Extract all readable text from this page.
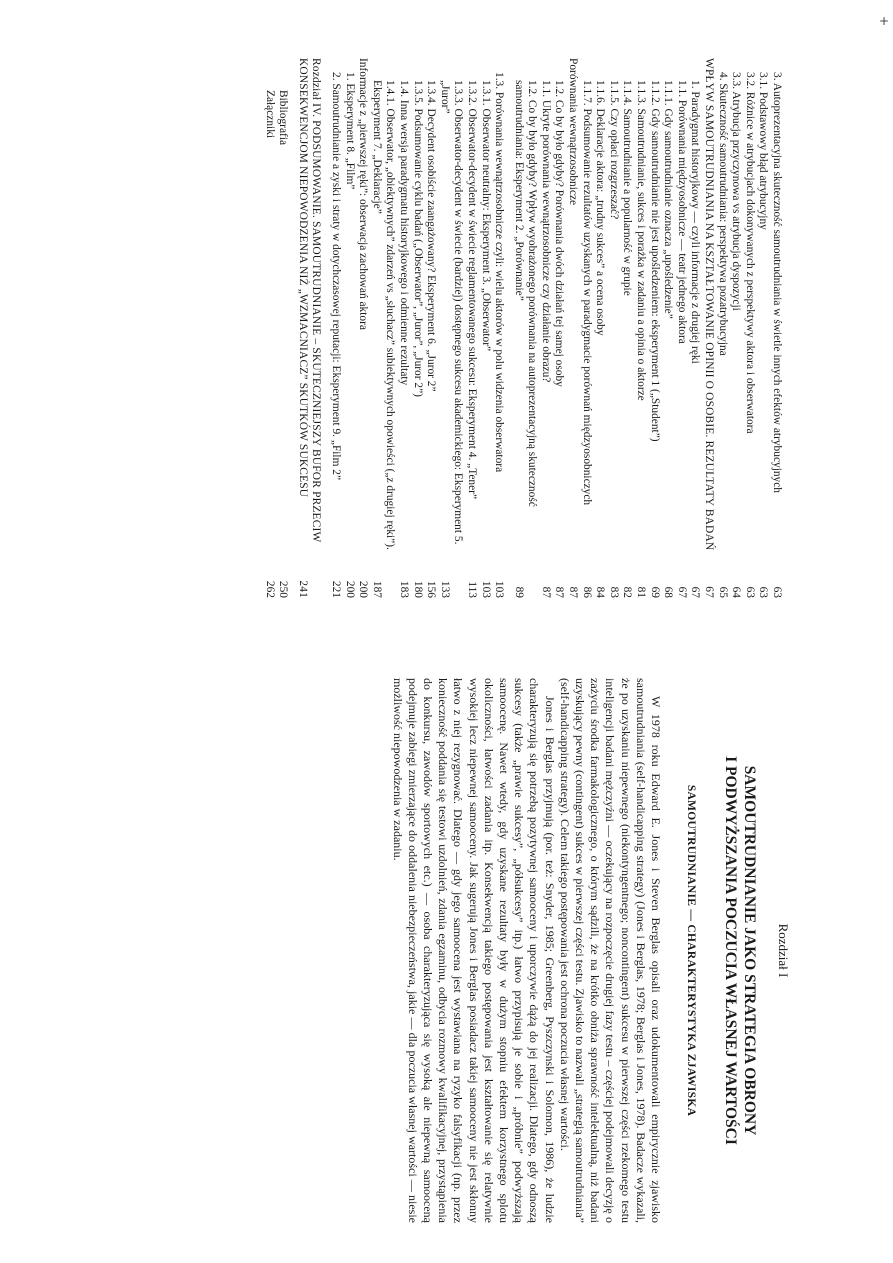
3. Autoprezentacyjna skuteczność samoutrudniania w świetle innych efektów atrybucyjnych
63
3.1. Podstawowy błąd atrybucyjny
63
3.2. Różnice w atrybucjach dokonywanych z perspektywy aktora i obserwatora
63
3.3. Atrybucja przyczynowa vs atrybucja dyspozycji
64
4. Skuteczność samoutrudniania: perspektywa pozatrybucyjna
65
WPŁYW SAMOUTRUDNIANIA NA KSZTAŁTOWANIE OPINII O OSOBIE. REZULTATY BADAŃ
67
1. Paradygmat historyjkowy — czyli informacje z drugiej ręki
67
1.1. Porównania międzyosobnicze — teatr jednego aktora
67
1.1.1. Gdy samoutrudnianie oznacza „upośledzenie”
68
1.1.2. Gdy samoutrudnianie nie jest upośledzeniem: eksperyment 1 („Student”)
69
1.1.3. Samoutrudnianie, sukces i porażka w zadaniu a opinia o aktorze
81
1.1.4. Samoutrudnianie a popularność w grupie
82
1.1.5. Czy opłaci rozgrzeszać?
83
1.1.6. Deklaracje aktora: „trudny sukces” a ocena osoby
84
1.1.7. Podsumowanie rezultatów uzyskanych w paradygmacie porównań międzyosobniczych
86
Porównania wewnątrzosobnicze
87
1.2. Co by było gdyby? Porównania dwóch działań tej samej osoby
87
1.1. Ukryte porównania wewnątrzosobnicze czy działanie obrazu?
87
1.2. Co by było gdyby? Wpływ wyobrażonego porównania na autoprezentacyjną skuteczność samoutrudniania: Eksperyment 2. „Porównanie”
89
1.3. Porównania wewnątrzosobnicze czyli: wielu aktorów w polu widzenia obserwatora
103
1.3.1. Obserwator neutralny: Eksperyment 3. „Obserwator”
103
1.3.2. Obserwator-decydent w świecie reglamentowanego sukcesu: Eksperyment 4. „Tener”
113
1.3.3. Obserwator-decydent w świecie (bardziej) dostępnego sukcesu akademickiego: Eksperyment 5. „Juror”
133
1.3.4. Decydent osobiście zaangażowany? Eksperyment 6. „Juror 2”
156
1.3.5. Podsumowanie cyklu badań („Obserwator”, „Juror”, „Juror 2”)
180
1.4. Inna wersja paradygmatu historyjkowego i odmienne rezultaty
183
1.4.1. Obserwator, „obiektywnych” zdarzeń vs „słuchacz” subiektywnych opowieści („z drugiej ręki”). Eksperyment 7. „Deklaracje”
187
Informacje z „pierwszej ręki”: obserwacja zachowań aktora
200
1. Eksperyment 8. „Film”
200
2. Samoutrudnianie a zyski i straty w dotychczasowej reputacji: Eksperyment 9. „Film 2”
221
Rozdział IV. PODSUMOWANIE. SAMOUTRUDNIANIE – SKUTECZNIEJSZY BUFOR PRZECIW KONSEKWENCJOM NIEPOWODZENIA NIŻ „WZMACNIACZ” SKUTKÓW SUKCESU
241
Bibliografia
250
Załączniki
262
Rozdział I
SAMOUTRUDNIANIE JAKO STRATEGIA OBRONY
I PODWYŻSZANIA POCZUCIA WŁASNEJ WARTOŚCI
SAMOUTRUDNIANIE — CHARAKTERYSTYKA ZJAWISKA

W 1978 roku Edward E. Jones i Steven Berglas opisali oraz udokumentowali empirycznie zjawisko samoutrudniania (self-handicapping strategy) (Jones i Berglas, 1978; Berglas i Jones, 1978). Badacze wykazali, że po uzyskaniu niepewnego (niekontyngentnego; noncontingent) sukcesu w pierwszej części rzekomego testu inteligencji badani mężczyźni — oczekujący na rozpoczęcie drugiej fazy testu – częściej podejmowali decyzję o zażyciu środka farmakologicznego, o którym sądzili, że na krótko obniża sprawność intelektualną, niż badani uzyskujący pewny (contingent) sukces w pierwszej części testu. Zjawisko to nazwali „strategią samoutrudniania” (self-handicapping strategy). Celem takiego postępowania jest ochrona poczucia własnej wartości.

Jones i Berglas przyjmują (por. też: Snyder, 1985; Greenberg, Pyszczynski i Solomon, 1986), że ludzie charakteryzują się potrzebą pozytywnej samooceny i uporczywie dążą do jej realizacji. Dlatego, gdy odnoszą sukcesy (także „prawie sukcesy”, „półsukcesy” itp.) łatwo przypisują je sobie i „próbnie” podwyższają samoocenę. Nawet wtedy, gdy uzyskane rezultaty były w dużym stopniu efektem korzystnego splotu okoliczności, łatwości zadania itp. Konsekwencją takiego postępowania jest kształtowanie się relatywnie wysokiej lecz niepewnej samooceny. Jak sugerują Jones i Berglas posiadacz takiej samooceny nie jest skłonny łatwo z niej rezygnować. Dlatego — gdy jego samoocena jest wystawiana na ryzyko falsyfikacji (np. przez konieczność poddania się testowi uzdolnień, zdania egzaminu, odbycia rozmowy kwalifikacyjnej, przystąpienia do konkursu, zawodów sportowych etc.) — osoba charakteryzująca się wysoką ale niepewną samooceną podejmuje zabiegi zmierzające do oddalenia niebezpieczeństwa, jakie — dla poczucia własnej wartości — niesie możliwość niepowodzenia w zadaniu.

+
